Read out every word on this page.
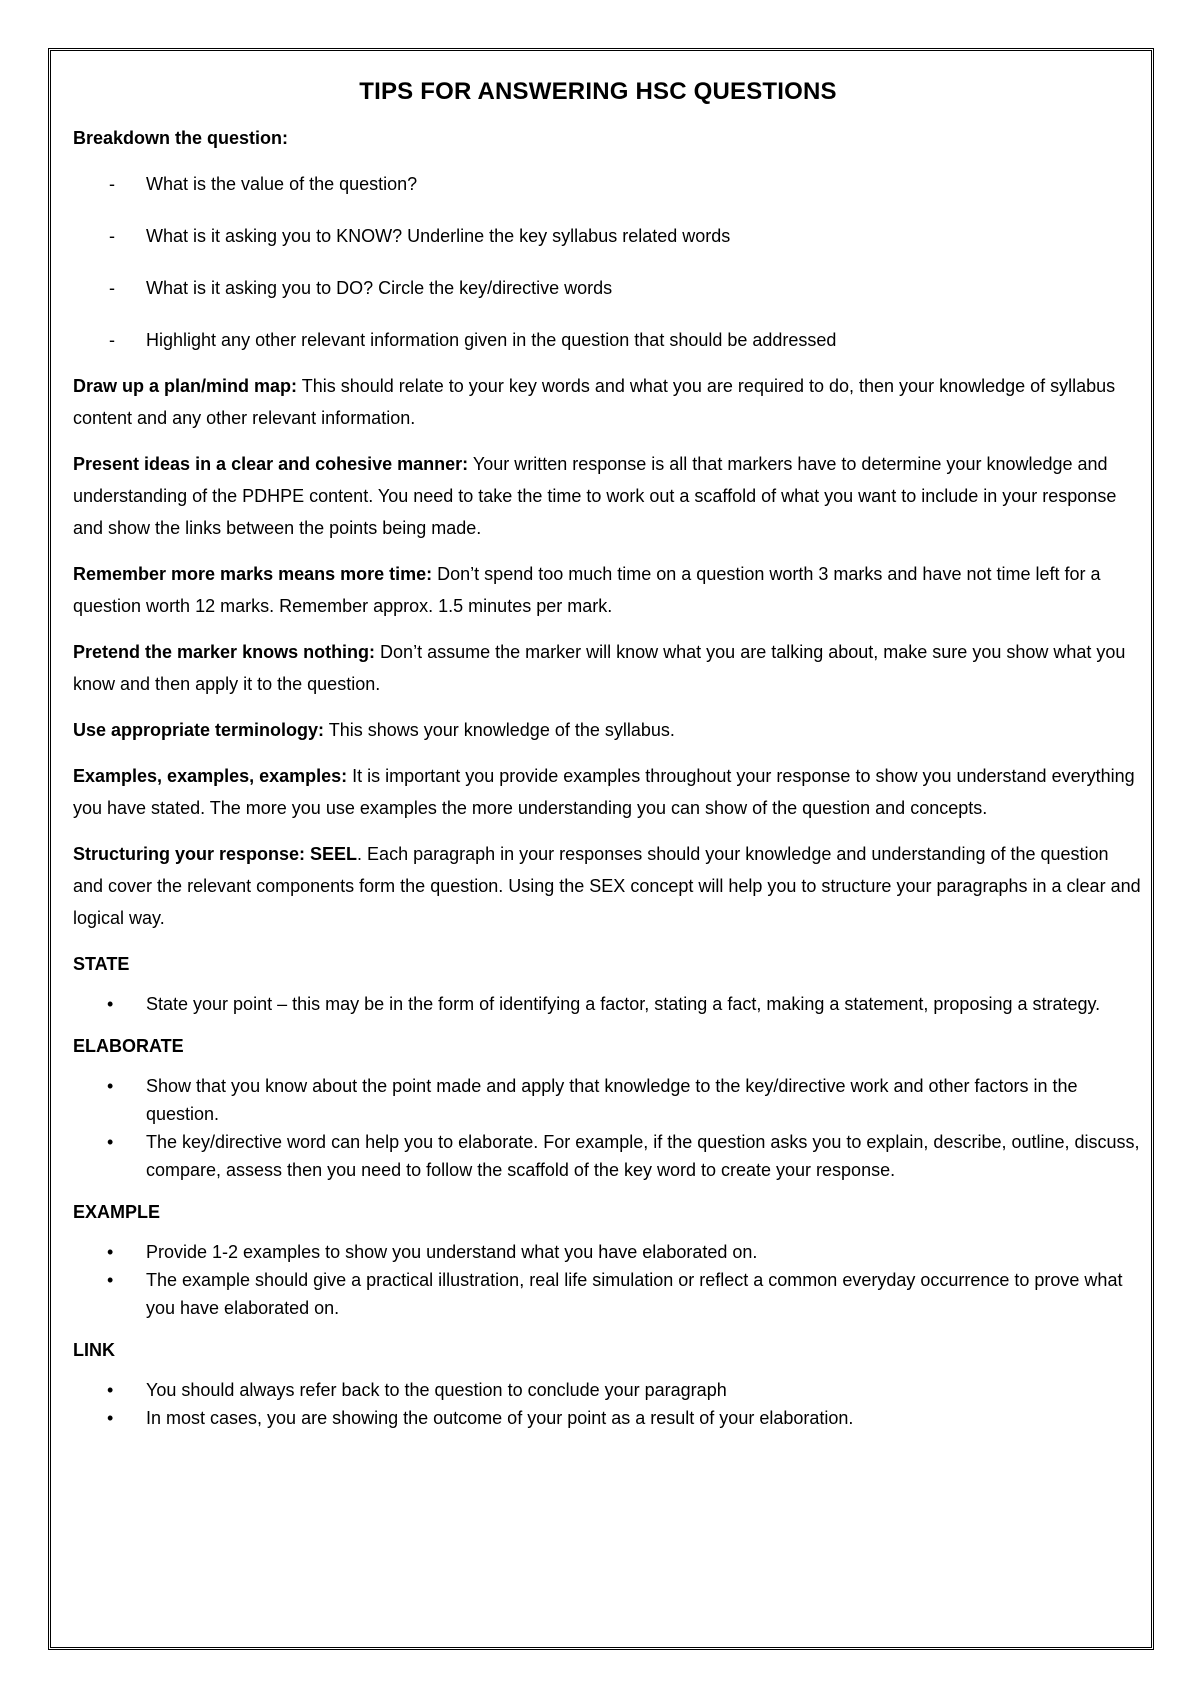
TIPS FOR ANSWERING HSC QUESTIONS
Breakdown the question:
- What is the value of the question?
- What is it asking you to KNOW? Underline the key syllabus related words
- What is it asking you to DO? Circle the key/directive words
- Highlight any other relevant information given in the question that should be addressed

Draw up a plan/mind map: This should relate to your key words and what you are required to do, then your knowledge of syllabus content and any other relevant information.

Present ideas in a clear and cohesive manner: Your written response is all that markers have to determine your knowledge and understanding of the PDHPE content. You need to take the time to work out a scaffold of what you want to include in your response and show the links between the points being made.

Remember more marks means more time: Don’t spend too much time on a question worth 3 marks and have not time left for a question worth 12 marks. Remember approx. 1.5 minutes per mark.

Pretend the marker knows nothing: Don’t assume the marker will know what you are talking about, make sure you show what you know and then apply it to the question.

Use appropriate terminology: This shows your knowledge of the syllabus.

Examples, examples, examples: It is important you provide examples throughout your response to show you understand everything you have stated. The more you use examples the more understanding you can show of the question and concepts.

Structuring your response: SEEL. Each paragraph in your responses should your knowledge and understanding of the question and cover the relevant components form the question. Using the SEX concept will help you to structure your paragraphs in a clear and logical way.

STATE
• State your point – this may be in the form of identifying a factor, stating a fact, making a statement, proposing a strategy.
ELABORATE
• Show that you know about the point made and apply that knowledge to the key/directive work and other factors in the question.
• The key/directive word can help you to elaborate. For example, if the question asks you to explain, describe, outline, discuss, compare, assess then you need to follow the scaffold of the key word to create your response.
EXAMPLE
• Provide 1-2 examples to show you understand what you have elaborated on.
• The example should give a practical illustration, real life simulation or reflect a common everyday occurrence to prove what you have elaborated on.
LINK
• You should always refer back to the question to conclude your paragraph
• In most cases, you are showing the outcome of your point as a result of your elaboration.
